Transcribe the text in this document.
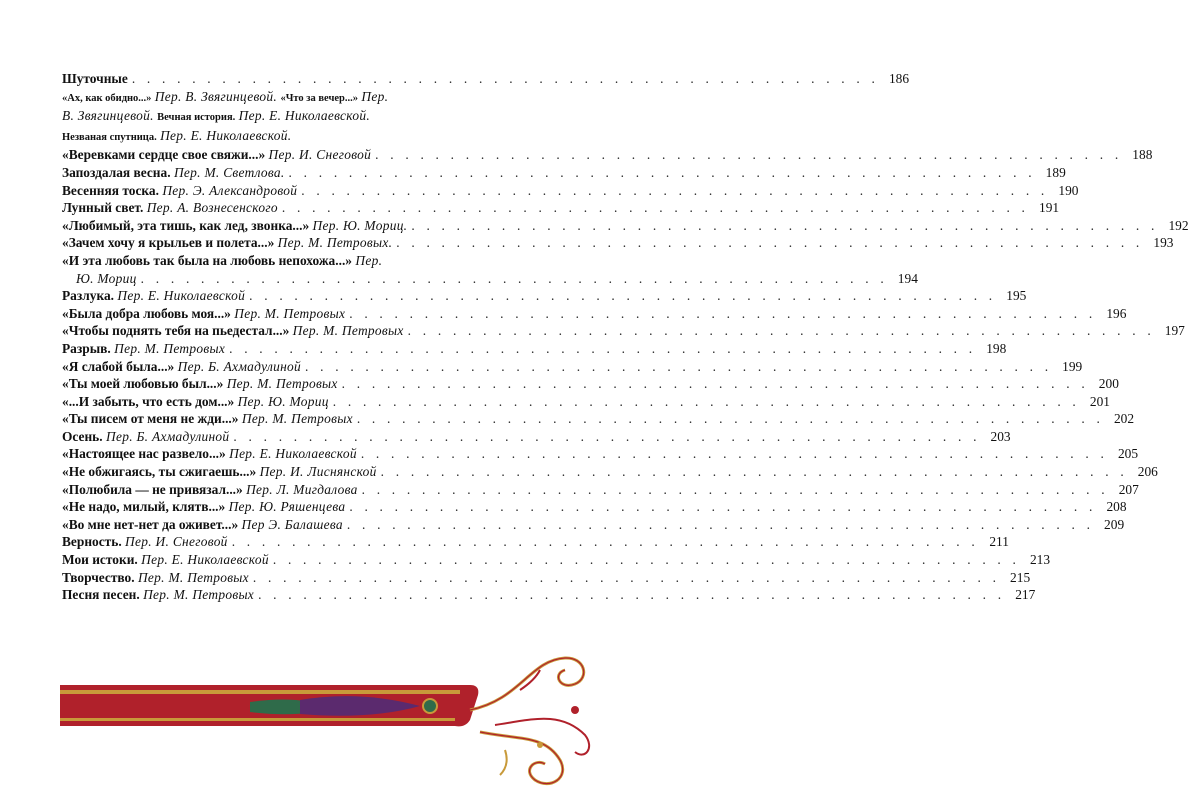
Шуточные . . . . . . . . . . . . . . . . . . . . . . . . . . . . . . . . . . . . . . . . . . . . . . . . . . 186
«Ах, как обидно...» Пер. В. Звягинцевой. «Что за вечер...» Пер.
В. Звягинцевой. Вечная история. Пер. Е. Николаевской.
Незваная спутница. Пер. Е. Николаевской.
«Веревками сердце свое свяжи...» Пер. И. Снеговой . . . . . . . . . . . . . . . . . . . . . . . . . . . . . . . . . . . . . . . . . . . . . . . . . . 188
Запоздалая весна. Пер. М. Светлова. . . . . . . . . . . . . . . . . . . . . . . . . . . . . . . . . . . . . . . . . . . . . . . . . . . 189
Весенняя тоска. Пер. Э. Александровой . . . . . . . . . . . . . . . . . . . . . . . . . . . . . . . . . . . . . . . . . . . . . . . . . . 190
Лунный свет. Пер. А. Вознесенского . . . . . . . . . . . . . . . . . . . . . . . . . . . . . . . . . . . . . . . . . . . . . . . . . . 191
«Любимый, эта тишь, как лед, звонка...» Пер. Ю. Мориц. . . . . . . . . . . . . . . . . . . . . . . . . . . . . . . . . . . . . . . . . . . . . . . . . . . 192
«Зачем хочу я крыльев и полета...» Пер. М. Петровых. . . . . . . . . . . . . . . . . . . . . . . . . . . . . . . . . . . . . . . . . . . . . . . . . . . 193
«И эта любовь так была на любовь непохожа...» Пер.
Ю. Мориц . . . . . . . . . . . . . . . . . . . . . . . . . . . . . . . . . . . . . . . . . . . . . . . . . . 194
Разлука. Пер. Е. Николаевской . . . . . . . . . . . . . . . . . . . . . . . . . . . . . . . . . . . . . . . . . . . . . . . . . . 195
«Была добра любовь моя...» Пер. М. Петровых . . . . . . . . . . . . . . . . . . . . . . . . . . . . . . . . . . . . . . . . . . . . . . . . . . 196
«Чтобы поднять тебя на пьедестал...» Пер. М. Петровых . . . . . . . . . . . . . . . . . . . . . . . . . . . . . . . . . . . . . . . . . . . . . . . . . . 197
Разрыв. Пер. М. Петровых . . . . . . . . . . . . . . . . . . . . . . . . . . . . . . . . . . . . . . . . . . . . . . . . . . 198
«Я слабой была...» Пер. Б. Ахмадулиной . . . . . . . . . . . . . . . . . . . . . . . . . . . . . . . . . . . . . . . . . . . . . . . . . . 199
«Ты моей любовью был...» Пер. М. Петровых . . . . . . . . . . . . . . . . . . . . . . . . . . . . . . . . . . . . . . . . . . . . . . . . . . 200
«...И забыть, что есть дом...» Пер. Ю. Мориц . . . . . . . . . . . . . . . . . . . . . . . . . . . . . . . . . . . . . . . . . . . . . . . . . . 201
«Ты писем от меня не жди...» Пер. М. Петровых . . . . . . . . . . . . . . . . . . . . . . . . . . . . . . . . . . . . . . . . . . . . . . . . . . 202
Осень. Пер. Б. Ахмадулиной . . . . . . . . . . . . . . . . . . . . . . . . . . . . . . . . . . . . . . . . . . . . . . . . . . 203
«Настоящее нас развело...» Пер. Е. Николаевской . . . . . . . . . . . . . . . . . . . . . . . . . . . . . . . . . . . . . . . . . . . . . . . . . . 205
«Не обжигаясь, ты сжигаешь...» Пер. И. Лиснянской . . . . . . . . . . . . . . . . . . . . . . . . . . . . . . . . . . . . . . . . . . . . . . . . . . 206
«Полюбила — не привязал...» Пер. Л. Мигдалова . . . . . . . . . . . . . . . . . . . . . . . . . . . . . . . . . . . . . . . . . . . . . . . . . . 207
«Не надо, милый, клятв...» Пер. Ю. Ряшенцева . . . . . . . . . . . . . . . . . . . . . . . . . . . . . . . . . . . . . . . . . . . . . . . . . . 208
«Во мне нет-нет да оживет...» Пер Э. Балашева . . . . . . . . . . . . . . . . . . . . . . . . . . . . . . . . . . . . . . . . . . . . . . . . . . 209
Верность. Пер. И. Снеговой . . . . . . . . . . . . . . . . . . . . . . . . . . . . . . . . . . . . . . . . . . . . . . . . . . 211
Мои истоки. Пер. Е. Николаевской . . . . . . . . . . . . . . . . . . . . . . . . . . . . . . . . . . . . . . . . . . . . . . . . . . 213
Творчество. Пер. М. Петровых . . . . . . . . . . . . . . . . . . . . . . . . . . . . . . . . . . . . . . . . . . . . . . . . . . 215
Песня песен. Пер. М. Петровых . . . . . . . . . . . . . . . . . . . . . . . . . . . . . . . . . . . . . . . . . . . . . . . . . . 217
